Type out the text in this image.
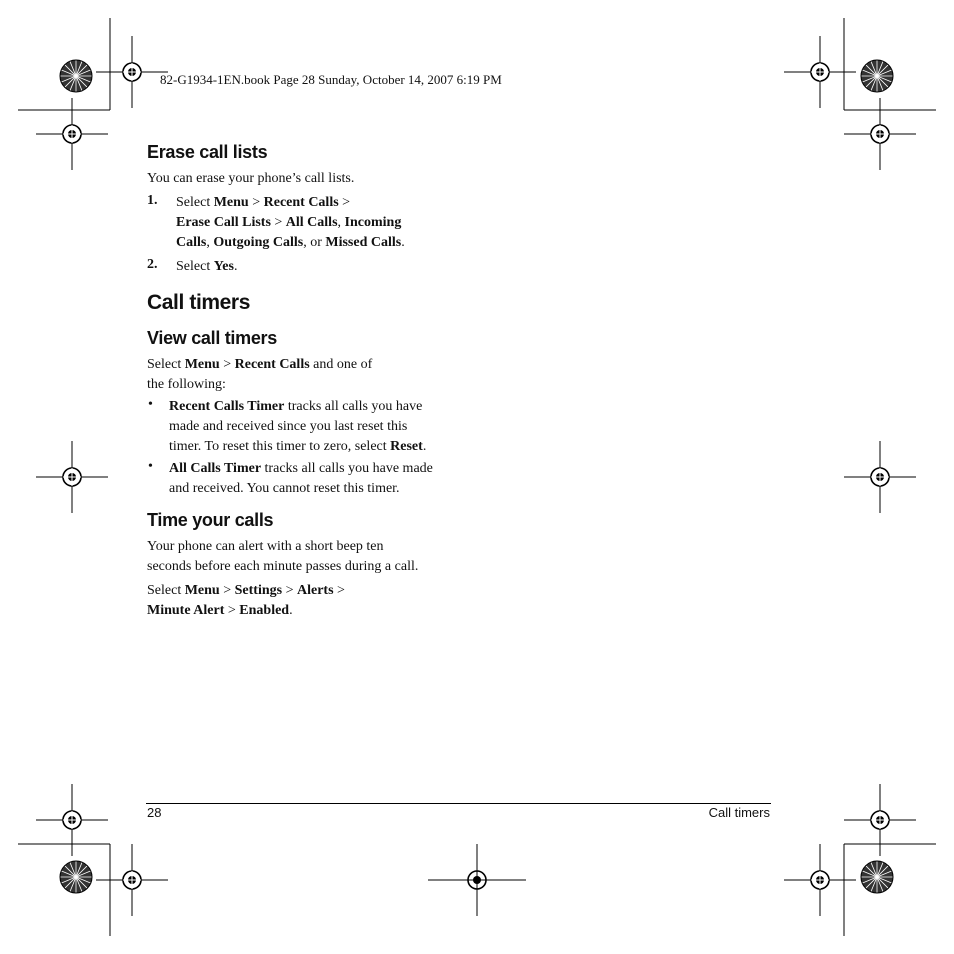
82-G1934-1EN.book Page 28 Sunday, October 14, 2007 6:19 PM
Erase call lists
You can erase your phone’s call lists.
1. Select Menu > Recent Calls >
Erase Call Lists > All Calls, Incoming
Calls, Outgoing Calls, or Missed Calls.
2. Select Yes.
Call timers
View call timers
Select Menu > Recent Calls and one of
the following:
• Recent Calls Timer tracks all calls you have
made and received since you last reset this
timer. To reset this timer to zero, select Reset.
• All Calls Timer tracks all calls you have made
and received. You cannot reset this timer.
Time your calls
Your phone can alert with a short beep ten
seconds before each minute passes during a call.
Select Menu > Settings > Alerts >
Minute Alert > Enabled.
28	Call timers
